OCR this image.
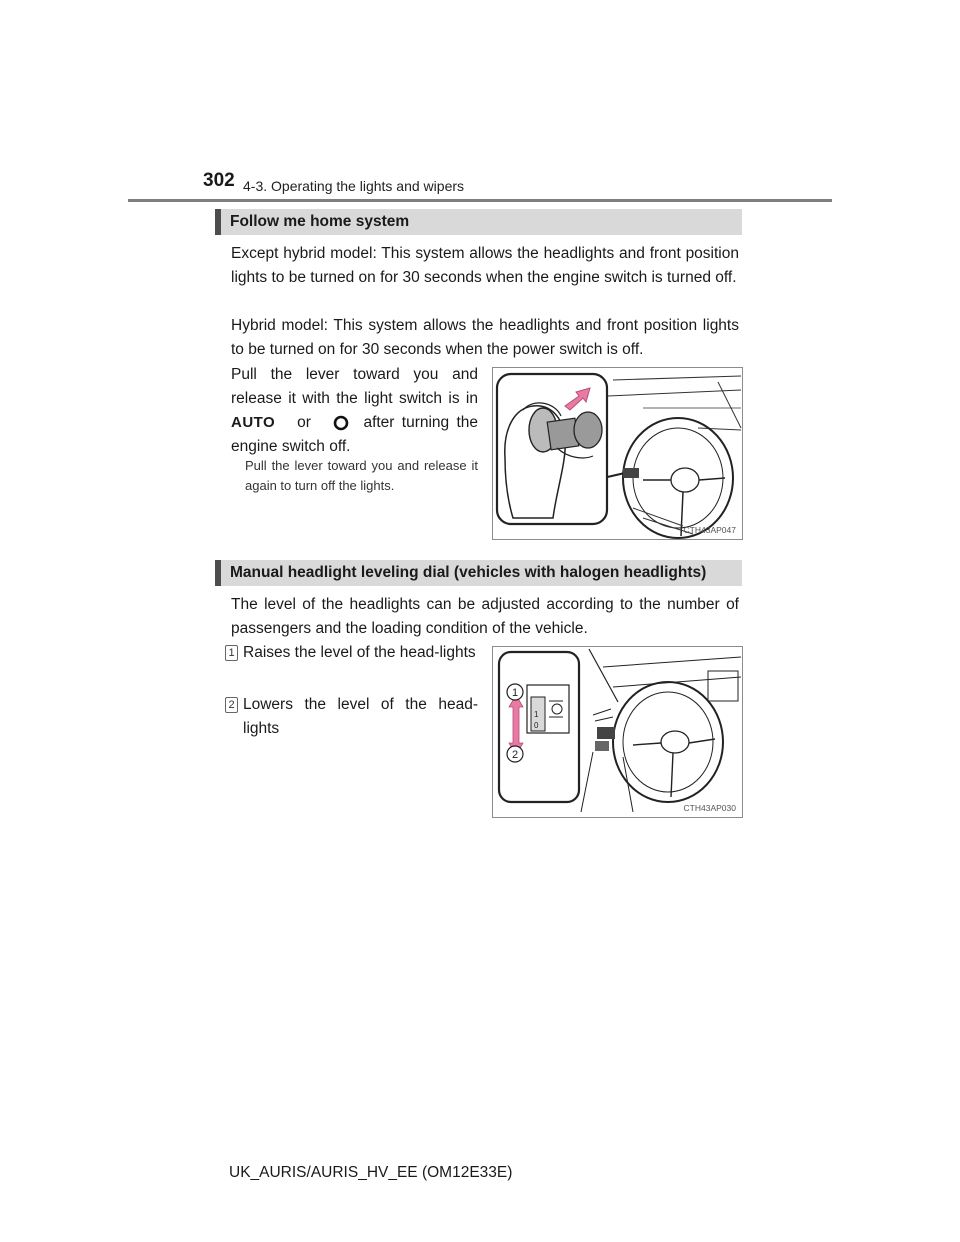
302 4-3. Operating the lights and wipers
Follow me home system
Except hybrid model: This system allows the headlights and front position lights to be turned on for 30 seconds when the engine switch is turned off.
Hybrid model: This system allows the headlights and front position lights to be turned on for 30 seconds when the power switch is off.
Pull the lever toward you and release it with the light switch is in AUTO or	after turning the engine switch off.
Pull the lever toward you and release it again to turn off the lights.
CTH43AP047
Manual headlight leveling dial (vehicles with halogen headlights)
The level of the headlights can be adjusted according to the number of passengers and the loading condition of the vehicle.
1 Raises the level of the head-lights
2 Lowers the level of the head-lights
1
0
1
2
CTH43AP030
UK_AURIS/AURIS_HV_EE (OM12E33E)
